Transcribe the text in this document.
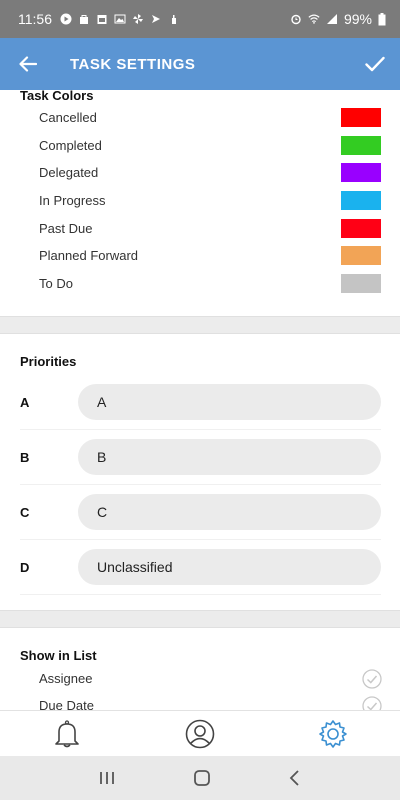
11:56	99%
TASK SETTINGS
Task Colors
Cancelled
Completed
Delegated
In Progress
Past Due
Planned Forward
To Do
Priorities
A	A
B	B
C	C
D	Unclassified
Show in List
Assignee
Due Date
